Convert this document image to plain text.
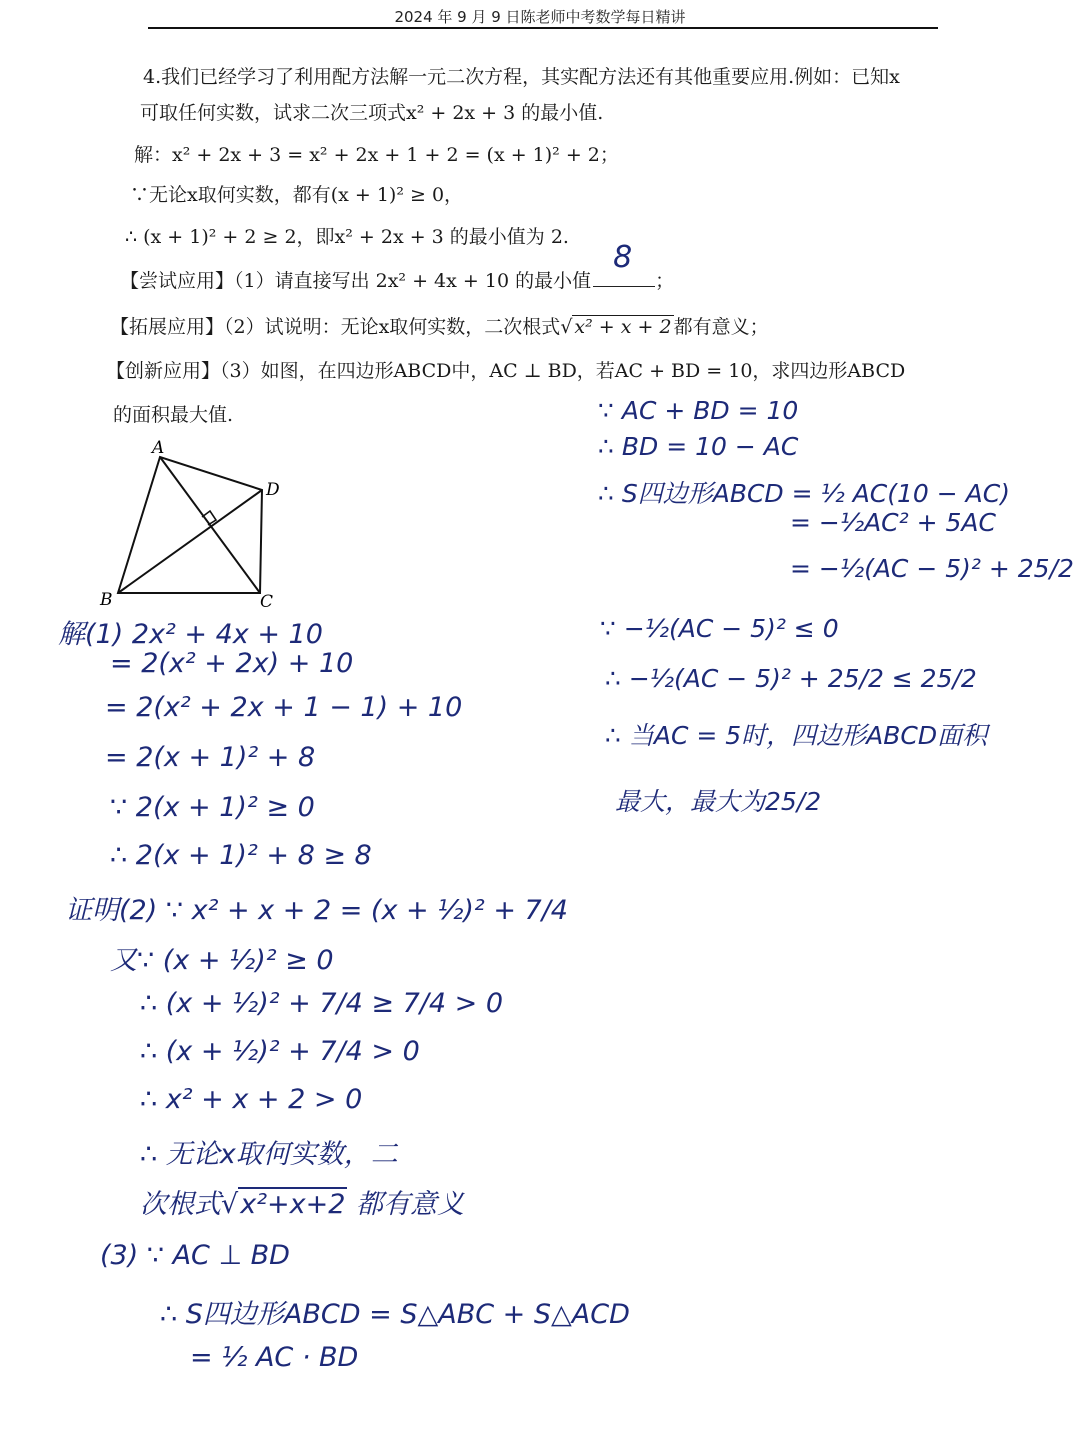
2024 年 9 月 9 日陈老师中考数学每日精讲
4.我们已经学习了利用配方法解一元二次方程，其实配方法还有其他重要应用.例如：已知x
可取任何实数，试求二次三项式x² + 2x + 3 的最小值.
解：x² + 2x + 3 = x² + 2x + 1 + 2 = (x + 1)² + 2；
∵无论x取何实数，都有(x + 1)² ≥ 0，
∴ (x + 1)² + 2 ≥ 2，即x² + 2x + 3 的最小值为 2.
【尝试应用】（1）请直接写出 2x² + 4x + 10 的最小值
8
；
【拓展应用】（2）试说明：无论x取何实数，二次根式√ x² + x + 2 都有意义；
【创新应用】（3）如图，在四边形ABCD中，AC ⊥ BD，若AC + BD = 10，求四边形ABCD
的面积最大值.
A
B	C
D
解(1) 2x² + 4x + 10
= 2(x² + 2x) + 10
= 2(x² + 2x + 1 − 1) + 10
= 2(x + 1)² + 8
∵ 2(x + 1)² ≥ 0
∴ 2(x + 1)² + 8 ≥ 8
证明(2) ∵ x² + x + 2 = (x + ½)² + 7/4
又∵ (x + ½)² ≥ 0
∴ (x + ½)² + 7/4 ≥ 7/4 > 0
∴ (x + ½)² + 7/4 > 0
∴ x² + x + 2 > 0
∴ 无论x取何实数，二
次根式√x²+x+2 都有意义
(3) ∵ AC ⊥ BD
∴ S四边形ABCD = S△ABC + S△ACD
= ½ AC · BD
∵ AC + BD = 10
∴ BD = 10 − AC
∴ S四边形ABCD = ½ AC(10 − AC)
= −½AC² + 5AC
= −½(AC − 5)² + 25/2
∵ −½(AC − 5)² ≤ 0
∴ −½(AC − 5)² + 25/2 ≤ 25/2
∴ 当AC = 5时，四边形ABCD面积
最大，最大为25/2
